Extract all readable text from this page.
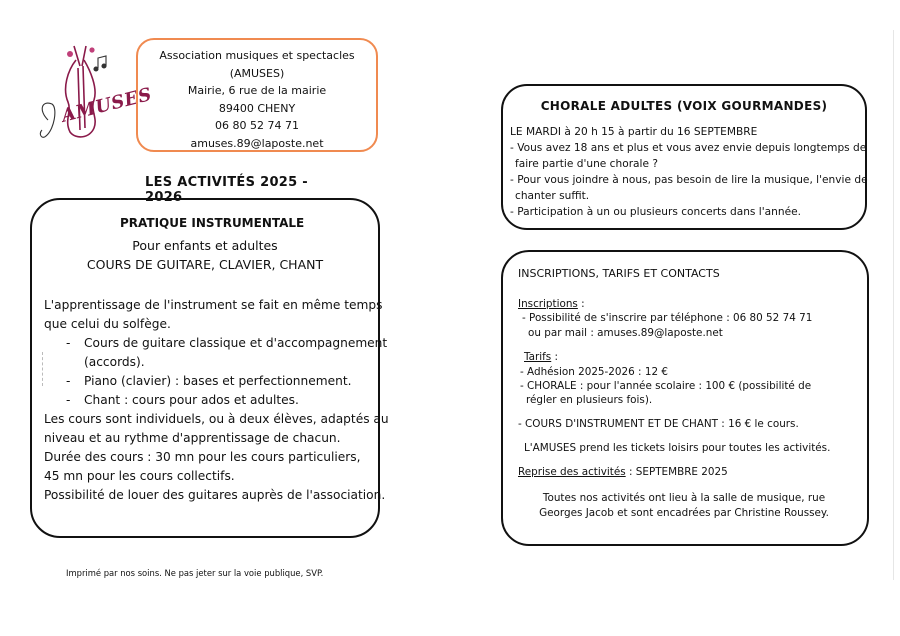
AMUSES
Association musiques et spectacles
(AMUSES)
Mairie, 6 rue de la mairie
89400 CHENY
06 80 52 74 71
amuses.89@laposte.net
LES ACTIVITÉS 2025 - 2026
PRATIQUE INSTRUMENTALE
Pour enfants et adultes
COURS DE GUITARE, CLAVIER, CHANT
L'apprentissage de l'instrument se fait en même temps
que celui du solfège.
- Cours de guitare classique et d'accompagnement
(accords).
- Piano (clavier) : bases et perfectionnement.
- Chant : cours pour ados et adultes.
Les cours sont individuels, ou à deux élèves, adaptés au
niveau et au rythme d'apprentissage de chacun.
Durée des cours : 30 mn pour les cours particuliers,
45 mn pour les cours collectifs.
Possibilité de louer des guitares auprès de l'association.
CHORALE ADULTES (VOIX GOURMANDES)
LE MARDI à 20 h 15 à partir du 16 SEPTEMBRE
- Vous avez 18 ans et plus et vous avez envie depuis longtemps de
faire partie d'une chorale ?
- Pour vous joindre à nous, pas besoin de lire la musique, l'envie de
chanter suffit.
- Participation à un ou plusieurs concerts dans l'année.
INSCRIPTIONS, TARIFS ET CONTACTS
Inscriptions :
- Possibilité de s'inscrire par téléphone : 06 80 52 74 71
ou par mail : amuses.89@laposte.net
Tarifs :
- Adhésion 2025-2026 : 12 €
- CHORALE : pour l'année scolaire : 100 € (possibilité de
régler en plusieurs fois).
- COURS D'INSTRUMENT ET DE CHANT : 16 € le cours.
L'AMUSES prend les tickets loisirs pour toutes les activités.
Reprise des activités : SEPTEMBRE 2025
Toutes nos activités ont lieu à la salle de musique, rue
Georges Jacob et sont encadrées par Christine Roussey.
Imprimé par nos soins. Ne pas jeter sur la voie publique, SVP.
